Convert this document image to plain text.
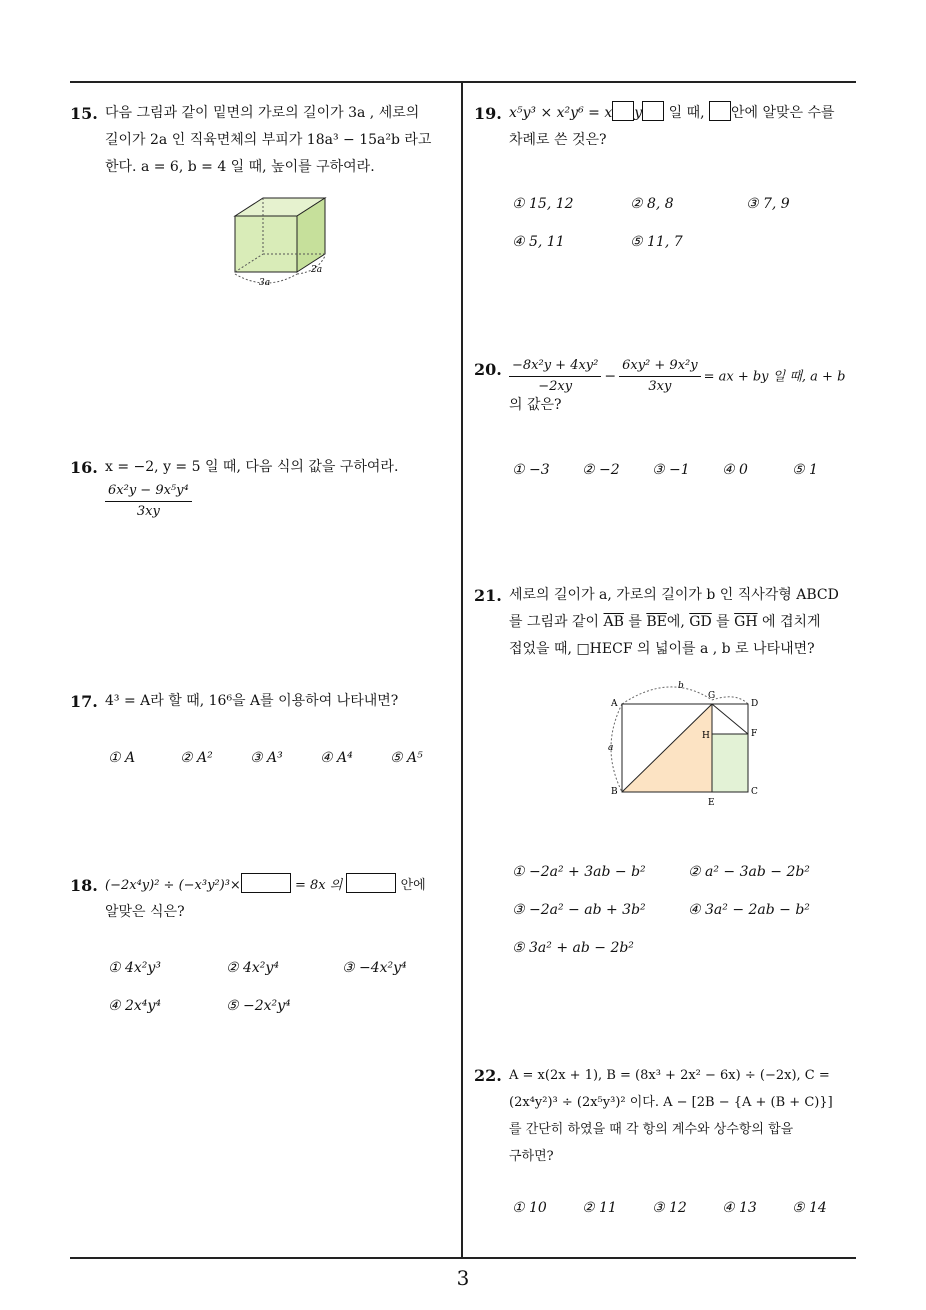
15. 다음 그림과 같이 밑면의 가로의 길이가 3a , 세로의
길이가 2a 인 직육면체의 부피가 18a³ − 15a²b 라고
한다. a = 6, b = 4 일 때, 높이를 구하여라.
3a
2a
16. x = −2, y = 5 일 때, 다음 식의 값을 구하여라.
$\frac{\text{6x²y − 9x⁵y⁴}}{3xy}$
17. 4³ = A라 할 때, 16⁶을 A를 이용하여 나타내면?
① A	② A²	③ A³	④ A⁴	⑤ A⁵
18. (−2x⁴y)² ÷ (−x³y²)³×	= 8x 의	안에
알맞은 식은?
① 4x²y³	② 4x²y⁴	③ −4x²y⁴
④ 2x⁴y⁴	⑤ −2x²y⁴
19. x⁵y³ × x²y⁶ = x y 일 때, 안에 알맞은 수를
차례로 쓴 것은?
① 15, 12	② 8, 8	③ 7, 9
④ 5, 11	⑤ 11, 7
20. $\frac{\text{−8x²y + 4xy²}}{-2xy} - \frac{\text{6xy² + 9x²y}}{3xy}$ = ax + by 일 때, a + b
의 값은?
① −3 ② −2 ③ −1 ④ 0	⑤ 1
21. 세로의 길이가 a, 가로의 길이가 b 인 직사각형 ABCD
를 그림과 같이 $\overline{AB}$ 를 $\overline{BE}$에, $\overline{GD}$ 를 $\overline{GH}$ 에 겹치게
접었을 때, □HECF 의 넓이를 a , b 로 나타내면?
A
B	C
D
E
F
G
H
a
b
① −2a² + 3ab − b²	② a² − 3ab − 2b²
③ −2a² − ab + 3b²	④ 3a² − 2ab − b²
⑤ 3a² + ab − 2b²
22. A = x(2x + 1), B = (8x³ + 2x² − 6x) ÷ (−2x), C =
(2x⁴y²)³ ÷ (2x⁵y³)² 이다. A − [2B − {A + (B + C)}]
를 간단히 하였을 때 각 항의 계수와 상수항의 합을
구하면?
① 10	② 11	③ 12	④ 13	⑤ 14
3
